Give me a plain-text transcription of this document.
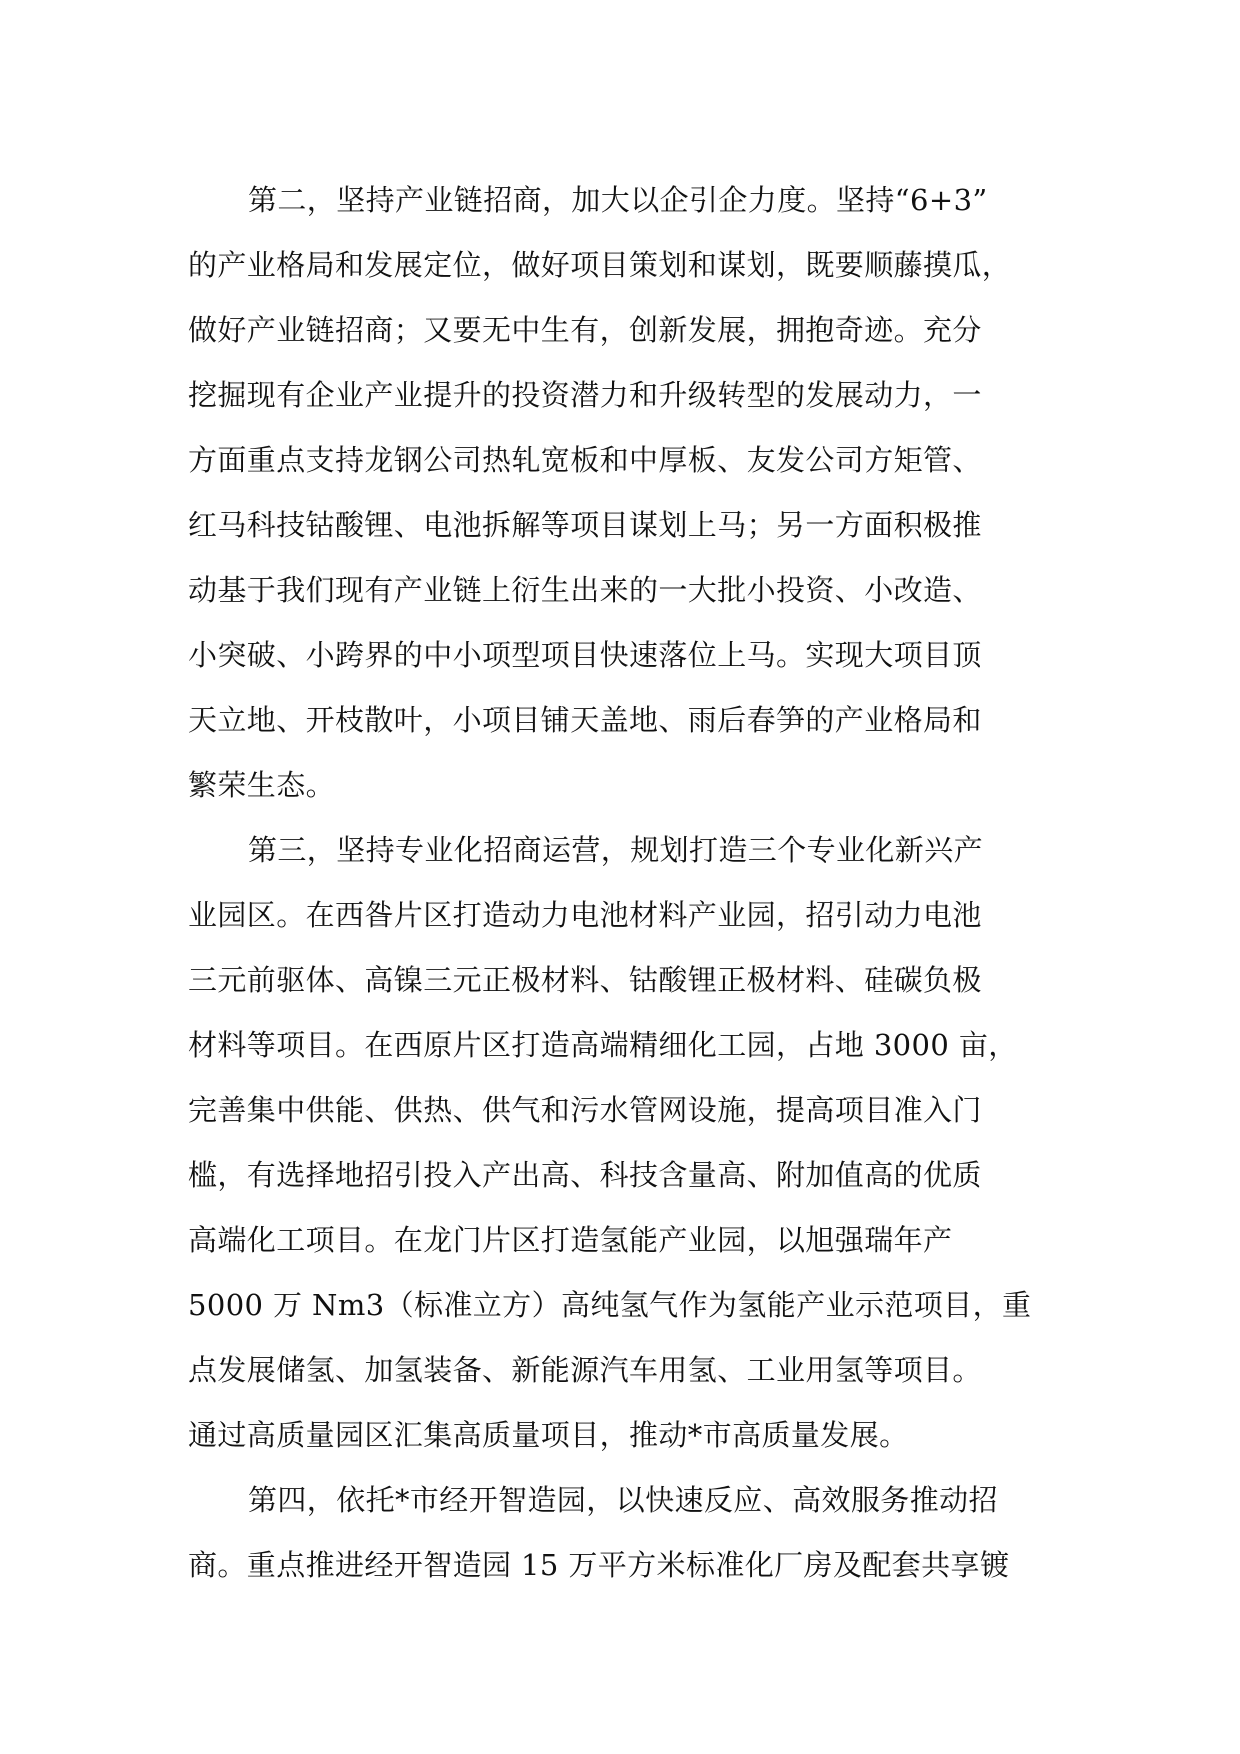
第二，坚持产业链招商，加大以企引企力度。坚持“6+3”
的产业格局和发展定位，做好项目策划和谋划，既要顺藤摸瓜，
做好产业链招商；又要无中生有，创新发展，拥抱奇迹。充分
挖掘现有企业产业提升的投资潜力和升级转型的发展动力，一
方面重点支持龙钢公司热轧宽板和中厚板、友发公司方矩管、
红马科技钴酸锂、电池拆解等项目谋划上马；另一方面积极推
动基于我们现有产业链上衍生出来的一大批小投资、小改造、
小突破、小跨界的中小项型项目快速落位上马。实现大项目顶
天立地、开枝散叶，小项目铺天盖地、雨后春笋的产业格局和
繁荣生态。
第三，坚持专业化招商运营，规划打造三个专业化新兴产
业园区。在西昝片区打造动力电池材料产业园，招引动力电池
三元前驱体、高镍三元正极材料、钴酸锂正极材料、硅碳负极
材料等项目。在西原片区打造高端精细化工园，占地 3000 亩，
完善集中供能、供热、供气和污水管网设施，提高项目准入门
槛，有选择地招引投入产出高、科技含量高、附加值高的优质
高端化工项目。在龙门片区打造氢能产业园，以旭强瑞年产
5000 万 Nm3（标准立方）高纯氢气作为氢能产业示范项目，重
点发展储氢、加氢装备、新能源汽车用氢、工业用氢等项目。
通过高质量园区汇集高质量项目，推动*市高质量发展。
第四，依托*市经开智造园，以快速反应、高效服务推动招
商。重点推进经开智造园 15 万平方米标准化厂房及配套共享镀
